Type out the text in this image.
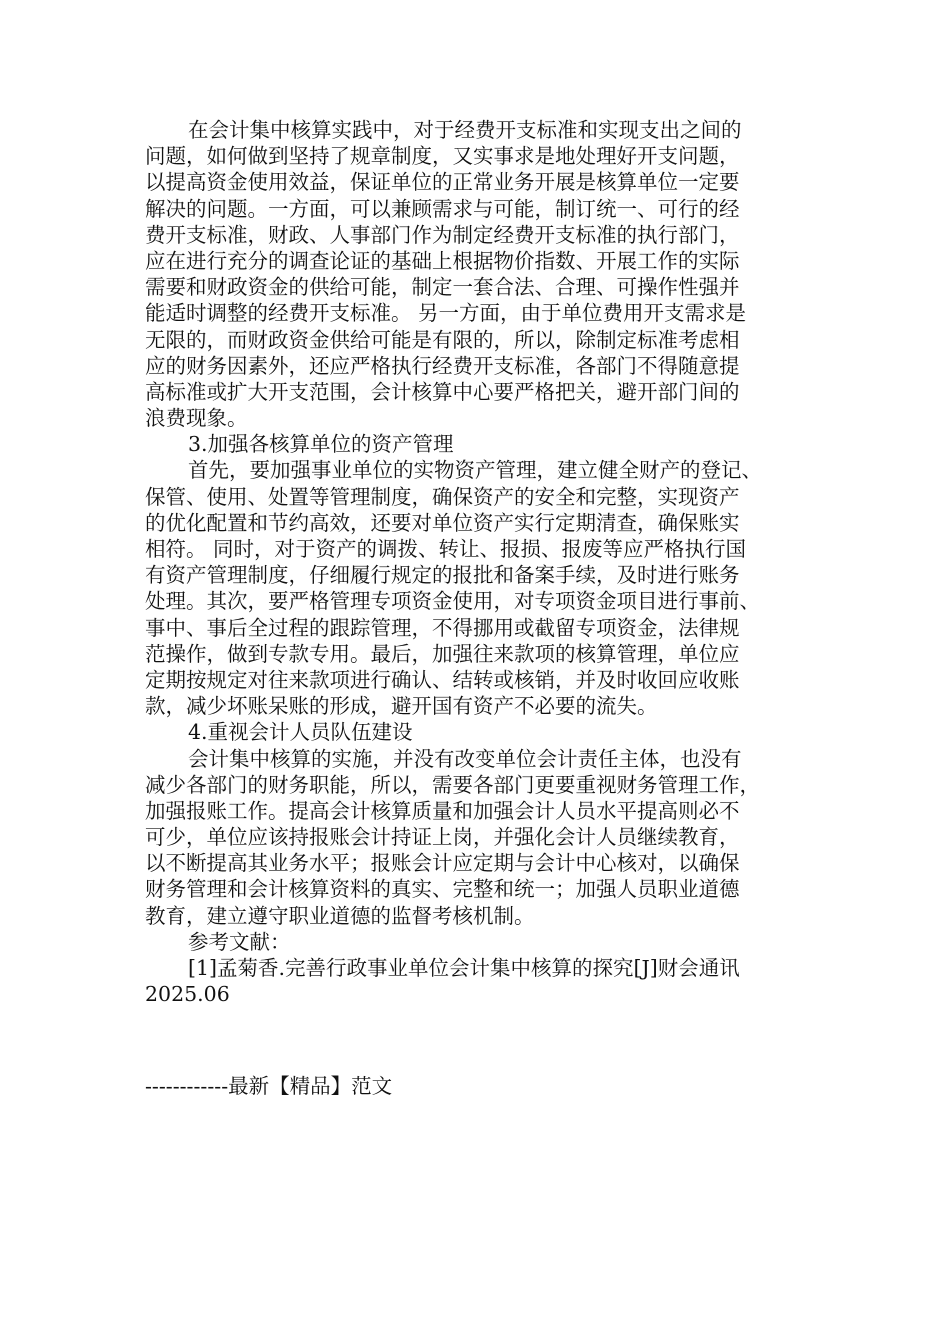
在会计集中核算实践中，对于经费开支标准和实现支出之间的
问题，如何做到坚持了规章制度，又实事求是地处理好开支问题，
以提高资金使用效益，保证单位的正常业务开展是核算单位一定要
解决的问题。一方面，可以兼顾需求与可能，制订统一、可行的经
费开支标准，财政、人事部门作为制定经费开支标准的执行部门，
应在进行充分的调查论证的基础上根据物价指数、开展工作的实际
需要和财政资金的供给可能，制定一套合法、合理、可操作性强并
能适时调整的经费开支标准。 另一方面，由于单位费用开支需求是
无限的，而财政资金供给可能是有限的，所以，除制定标准考虑相
应的财务因素外，还应严格执行经费开支标准，各部门不得随意提
高标准或扩大开支范围，会计核算中心要严格把关，避开部门间的
浪费现象。
3.加强各核算单位的资产管理
首先，要加强事业单位的实物资产管理，建立健全财产的登记、
保管、使用、处置等管理制度，确保资产的安全和完整，实现资产
的优化配置和节约高效，还要对单位资产实行定期清查，确保账实
相符。 同时，对于资产的调拨、转让、报损、报废等应严格执行国
有资产管理制度，仔细履行规定的报批和备案手续，及时进行账务
处理。其次，要严格管理专项资金使用，对专项资金项目进行事前、
事中、事后全过程的跟踪管理，不得挪用或截留专项资金，法律规
范操作，做到专款专用。最后，加强往来款项的核算管理，单位应
定期按规定对往来款项进行确认、结转或核销，并及时收回应收账
款，减少坏账呆账的形成，避开国有资产不必要的流失。
4.重视会计人员队伍建设
会计集中核算的实施，并没有改变单位会计责任主体，也没有
减少各部门的财务职能，所以，需要各部门更要重视财务管理工作，
加强报账工作。提高会计核算质量和加强会计人员水平提高则必不
可少，单位应该持报账会计持证上岗，并强化会计人员继续教育，
以不断提高其业务水平；报账会计应定期与会计中心核对，以确保
财务管理和会计核算资料的真实、完整和统一；加强人员职业道德
教育，建立遵守职业道德的监督考核机制。
参考文献：
[1]孟菊香.完善行政事业单位会计集中核算的探究[J]财会通讯
2025.06
------------最新【精品】范文
